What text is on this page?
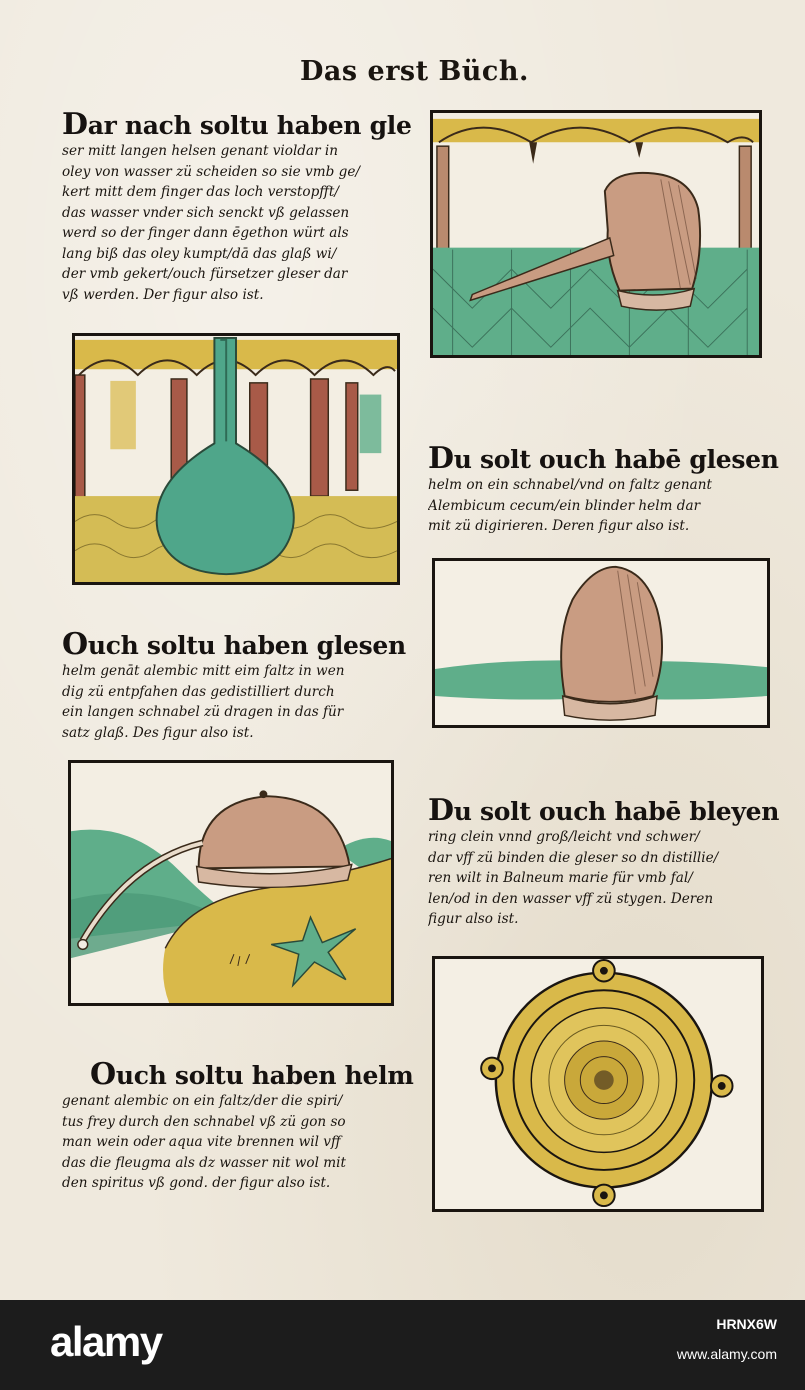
Das erst Büch.
Dar nach soltu haben gle
ser mitt langen helsen genant violdar in
oley von wasser zü scheiden so sie vmb ge/
kert mitt dem finger das loch verstopfft/
das wasser vnder sich senckt vß gelassen
werd so der finger dann ēgethon würt als
lang biß das oley kumpt/dā das glaß wi/
der vmb gekert/ouch fürsetzer gleser dar
vß werden. Der figur also ist.
Du solt ouch habē glesen
helm on ein schnabel/vnd on faltz genant
Alembicum cecum/ein blinder helm dar
mit zü digirieren. Deren figur also ist.
Ouch soltu haben glesen
helm genāt alembic mitt eim faltz in wen
dig zü entpfahen das gedistilliert durch
ein langen schnabel zü dragen in das für
satz glaß. Des figur also ist.
Du solt ouch habē bleyen
ring clein vnnd groß/leicht vnd schwer/
dar vff zü binden die gleser so dn distillie/
ren wilt in Balneum marie für vmb fal/
len/od in den wasser vff zü stygen. Deren
figur also ist.
Ouch soltu haben helm
genant alembic on ein faltz/der die spiri/
tus frey durch den schnabel vß zü gon so
man wein oder aqua vite brennen wil vff
das die fleugma als dz wasser nit wol mit
den spiritus vß gond. der figur also ist.
alamy	HRNX6W
www.alamy.com
